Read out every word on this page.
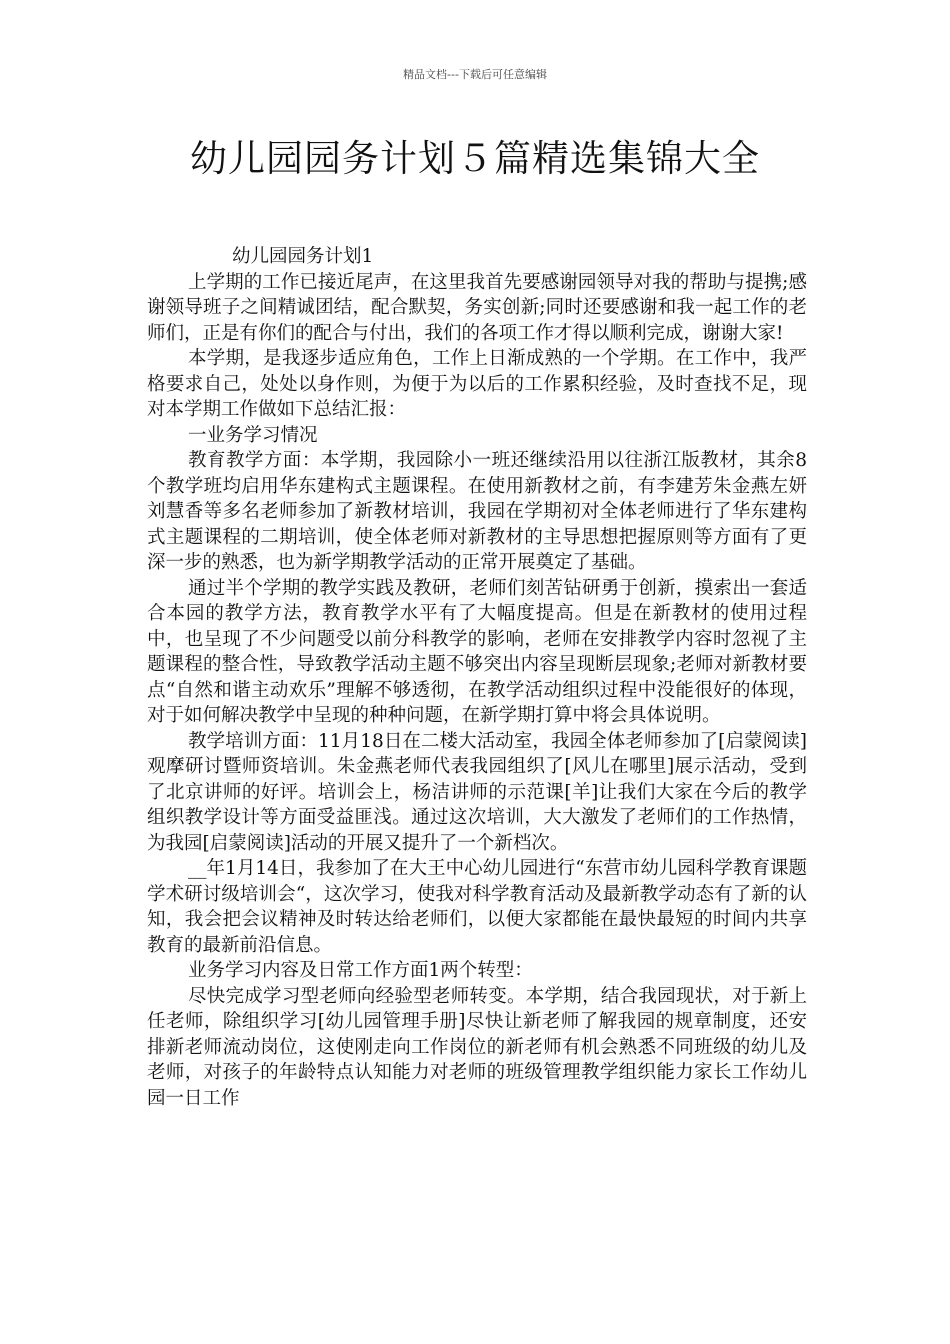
精品文档---下载后可任意编辑
幼儿园园务计划５篇精选集锦大全

幼儿园园务计划1

上学期的工作已接近尾声，在这里我首先要感谢园领导对我的帮助与提携;感谢领导班子之间精诚团结，配合默契，务实创新;同时还要感谢和我一起工作的老师们，正是有你们的配合与付出，我们的各项工作才得以顺利完成，谢谢大家!

本学期，是我逐步适应角色，工作上日渐成熟的一个学期。在工作中，我严格要求自己，处处以身作则，为便于为以后的工作累积经验，及时查找不足，现对本学期工作做如下总结汇报：

一业务学习情况

教育教学方面：本学期，我园除小一班还继续沿用以往浙江版教材，其余8个教学班均启用华东建构式主题课程。在使用新教材之前，有李建芳朱金燕左妍刘慧香等多名老师参加了新教材培训，我园在学期初对全体老师进行了华东建构式主题课程的二期培训，使全体老师对新教材的主导思想把握原则等方面有了更深一步的熟悉，也为新学期教学活动的正常开展奠定了基础。

通过半个学期的教学实践及教研，老师们刻苦钻研勇于创新，摸索出一套适合本园的教学方法，教育教学水平有了大幅度提高。但是在新教材的使用过程中，也呈现了不少问题受以前分科教学的影响，老师在安排教学内容时忽视了主题课程的整合性，导致教学活动主题不够突出内容呈现断层现象;老师对新教材要点“自然和谐主动欢乐”理解不够透彻，在教学活动组织过程中没能很好的体现，对于如何解决教学中呈现的种种问题，在新学期打算中将会具体说明。

教学培训方面：11月18日在二楼大活动室，我园全体老师参加了[启蒙阅读]观摩研讨暨师资培训。朱金燕老师代表我园组织了[风儿在哪里]展示活动，受到了北京讲师的好评。培训会上，杨洁讲师的示范课[羊]让我们大家在今后的教学组织教学设计等方面受益匪浅。通过这次培训，大大激发了老师们的工作热情，为我园[启蒙阅读]活动的开展又提升了一个新档次。

__年1月14日，我参加了在大王中心幼儿园进行“东营市幼儿园科学教育课题学术研讨级培训会“，这次学习，使我对科学教育活动及最新教学动态有了新的认知，我会把会议精神及时转达给老师们，以便大家都能在最快最短的时间内共享教育的最新前沿信息。

业务学习内容及日常工作方面1两个转型：

尽快完成学习型老师向经验型老师转变。本学期，结合我园现状，对于新上任老师，除组织学习[幼儿园管理手册]尽快让新老师了解我园的规章制度，还安排新老师流动岗位，这使刚走向工作岗位的新老师有机会熟悉不同班级的幼儿及老师，对孩子的年龄特点认知能力对老师的班级管理教学组织能力家长工作幼儿园一日工作
